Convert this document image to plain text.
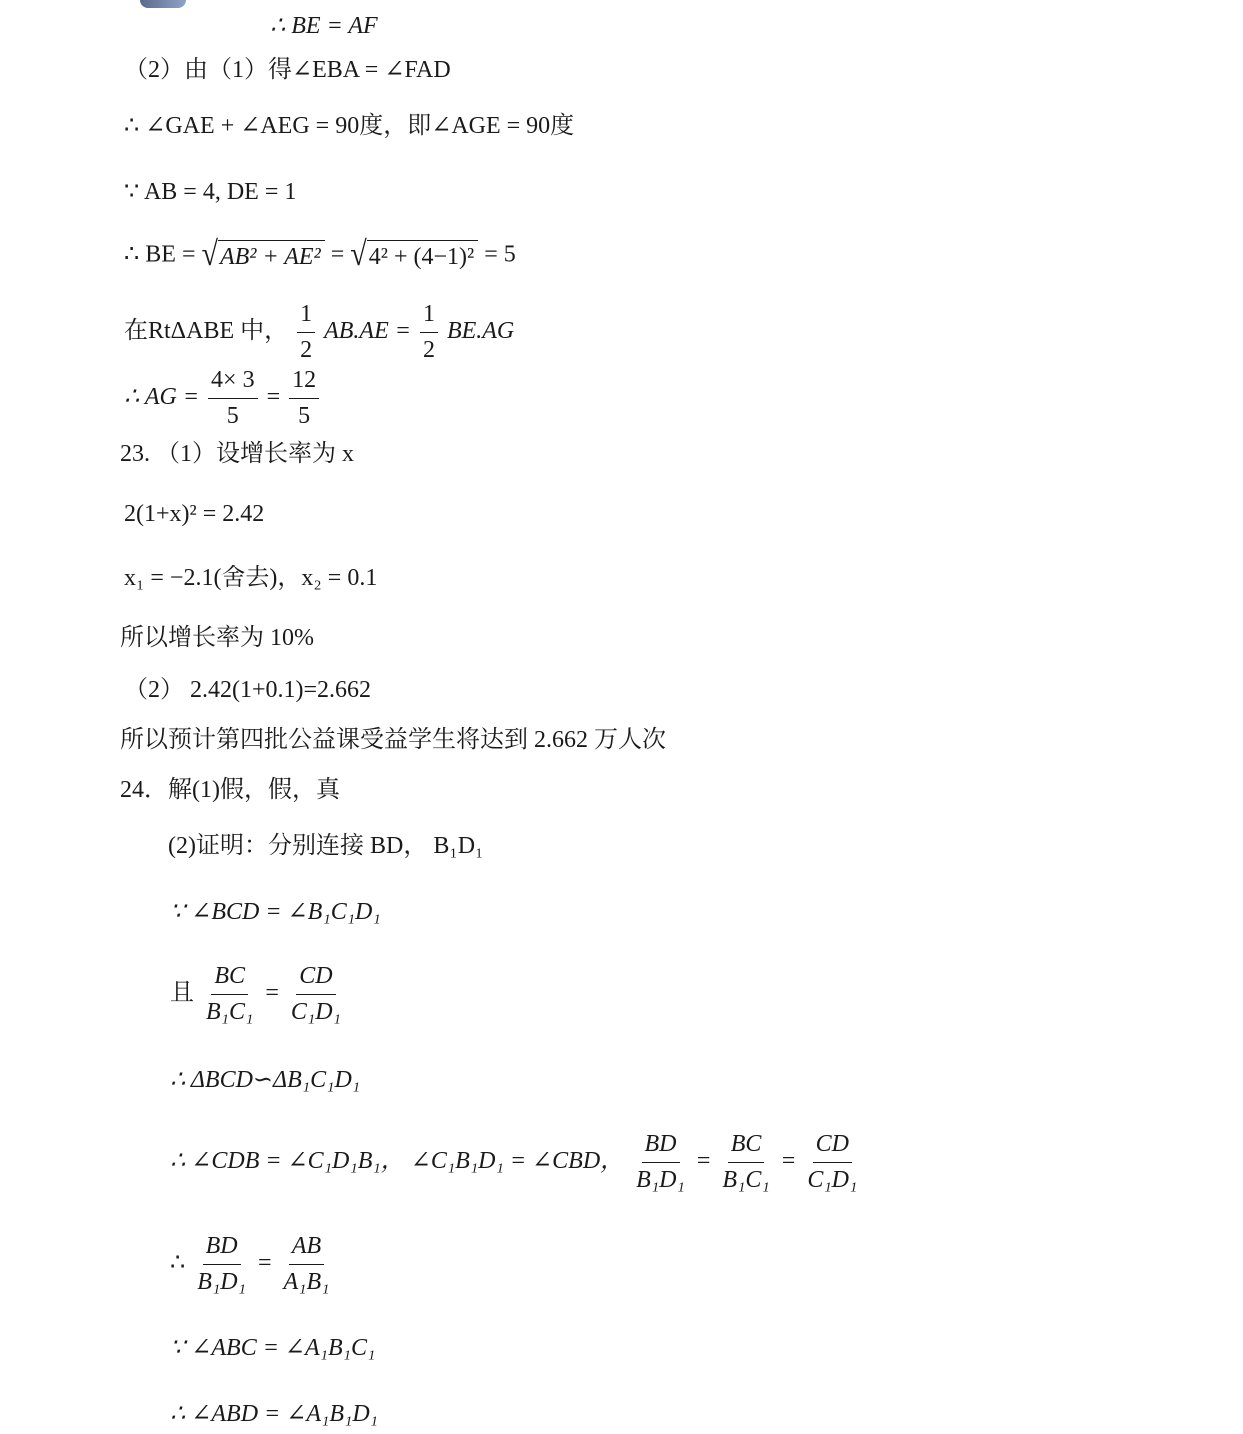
∴ BE = AF
（2）由（1）得∠EBA = ∠FAD
∴ ∠GAE + ∠AEG = 90度，即∠AGE = 90度
∵ AB = 4, DE = 1
∴ BE = √ AB² + AE² = √ 4² + (4−1)² = 5
在RtΔABE 中， $\frac{1}{2} AB.AE = \frac{1}{2} BE.AG$
∴ AG = $\frac{4\times 3}{5} = \frac{12}{5}$
23. （1）设增长率为 x
2(1+x)² = 2.42
x₁ = −2.1(舍去)，x₂ = 0.1
所以增长率为 10%
（2） 2.42(1+0.1)=2.662
所以预计第四批公益课受益学生将达到 2.662 万人次
24．解(1)假，假，真
(2)证明：分别连接 BD， B₁D₁
∵ ∠BCD = ∠B₁C₁D₁
且 $\frac{BC}{\text{B₁C₁}} = \frac{CD}{\text{C₁D₁}}$
∴ ΔBCD∽ΔB₁C₁D₁
∴ ∠CDB = ∠C₁D₁B₁， ∠C₁B₁D₁ = ∠CBD， $\frac{BD}{\text{B₁D₁}} = \frac{BC}{\text{B₁C₁}} = \frac{CD}{\text{C₁D₁}}$
∴ $\frac{BD}{\text{B₁D₁}} = \frac{AB}{\text{A₁B₁}}$
∵ ∠ABC = ∠A₁B₁C₁
∴ ∠ABD = ∠A₁B₁D₁
